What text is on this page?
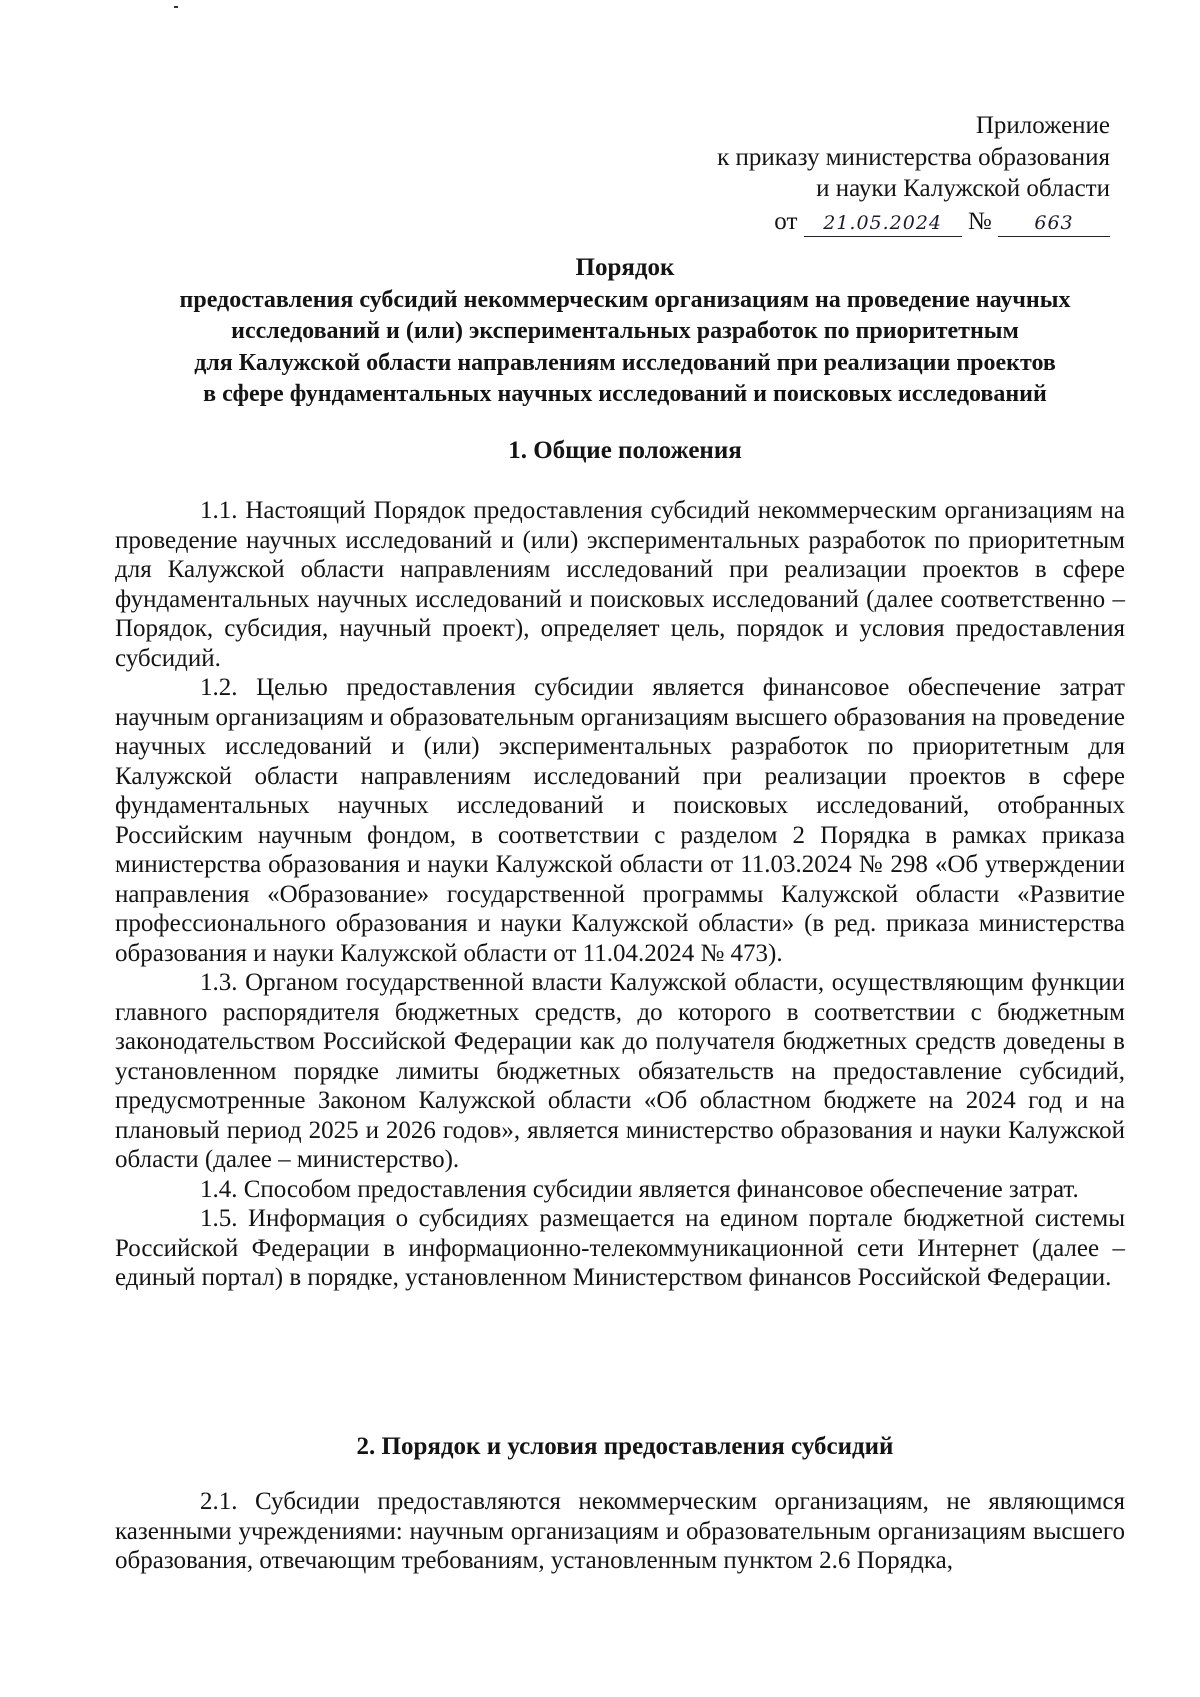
Приложение
к приказу министерства образования
и науки Калужской области
от 21.05.2024 № 663
Порядок
предоставления субсидий некоммерческим организациям на проведение научных
исследований и (или) экспериментальных разработок по приоритетным
для Калужской области направлениям исследований при реализации проектов
в сфере фундаментальных научных исследований и поисковых исследований
1. Общие положения

1.1. Настоящий Порядок предоставления субсидий некоммерческим организациям на проведение научных исследований и (или) экспериментальных разработок по приоритетным для Калужской области направлениям исследований при реализации проектов в сфере фундаментальных научных исследований и поисковых исследований (далее соответственно – Порядок, субсидия, научный проект), определяет цель, порядок и условия предоставления субсидий.

1.2. Целью предоставления субсидии является финансовое обеспечение затрат научным организациям и образовательным организациям высшего образования на проведение научных исследований и (или) экспериментальных разработок по приоритетным для Калужской области направлениям исследований при реализации проектов в сфере фундаментальных научных исследований и поисковых исследований, отобранных Российским научным фондом, в соответствии с разделом 2 Порядка в рамках приказа министерства образования и науки Калужской области от 11.03.2024 № 298 «Об утверждении направления «Образование» государственной программы Калужской области «Развитие профессионального образования и науки Калужской области» (в ред. приказа министерства образования и науки Калужской области от 11.04.2024 № 473).

1.3. Органом государственной власти Калужской области, осуществляющим функции главного распорядителя бюджетных средств, до которого в соответствии с бюджетным законодательством Российской Федерации как до получателя бюджетных средств доведены в установленном порядке лимиты бюджетных обязательств на предоставление субсидий, предусмотренные Законом Калужской области «Об областном бюджете на 2024 год и на плановый период 2025 и 2026 годов», является министерство образования и науки Калужской области (далее – министерство).

1.4. Способом предоставления субсидии является финансовое обеспечение затрат.

1.5. Информация о субсидиях размещается на едином портале бюджетной системы Российской Федерации в информационно-телекоммуникационной сети Интернет (далее – единый портал) в порядке, установленном Министерством финансов Российской Федерации.

2. Порядок и условия предоставления субсидий

2.1. Субсидии предоставляются некоммерческим организациям, не являющимся казенными учреждениями: научным организациям и образовательным организациям высшего образования, отвечающим требованиям, установленным пунктом 2.6 Порядка,
